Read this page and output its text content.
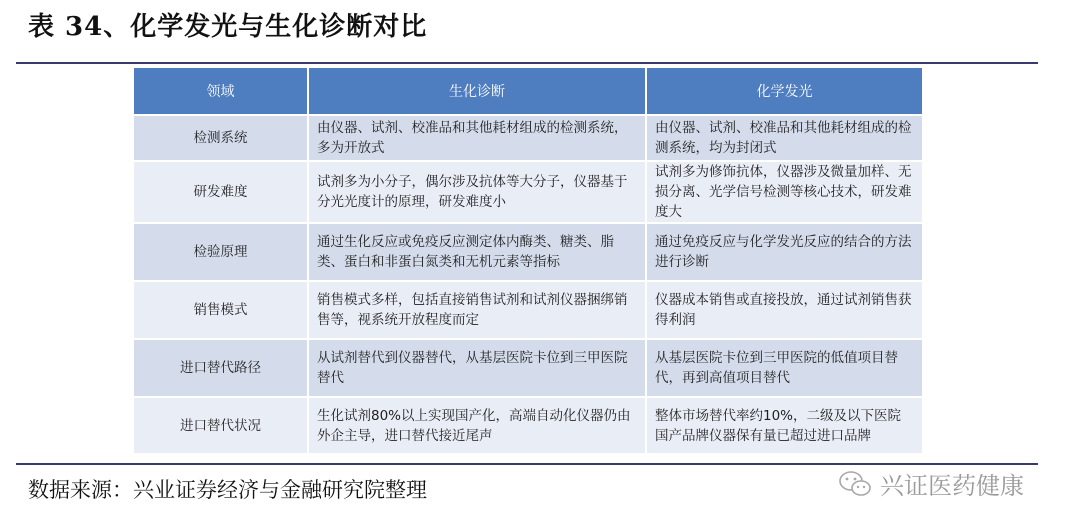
表 34、化学发光与生化诊断对比
领域	生化诊断	化学发光
检测系统	由仪器、试剂、校准品和其他耗材组成的检测系统，多为开放式	由仪器、试剂、校准品和其他耗材组成的检测系统，均为封闭式
研发难度	试剂多为小分子，偶尔涉及抗体等大分子，仪器基于分光光度计的原理，研发难度小	试剂多为修饰抗体，仪器涉及微量加样、无损分离、光学信号检测等核心技术，研发难度大
检验原理	通过生化反应或免疫反应测定体内酶类、糖类、脂类、蛋白和非蛋白氮类和无机元素等指标	通过免疫反应与化学发光反应的结合的方法进行诊断
销售模式	销售模式多样，包括直接销售试剂和试剂仪器捆绑销售等，视系统开放程度而定	仪器成本销售或直接投放，通过试剂销售获得利润
进口替代路径	从试剂替代到仪器替代，从基层医院卡位到三甲医院替代	从基层医院卡位到三甲医院的低值项目替代，再到高值项目替代
进口替代状况	生化试剂80%以上实现国产化，高端自动化仪器仍由外企主导，进口替代接近尾声	整体市场替代率约10%，二级及以下医院国产品牌仪器保有量已超过进口品牌
数据来源：兴业证券经济与金融研究院整理	兴证医药健康
